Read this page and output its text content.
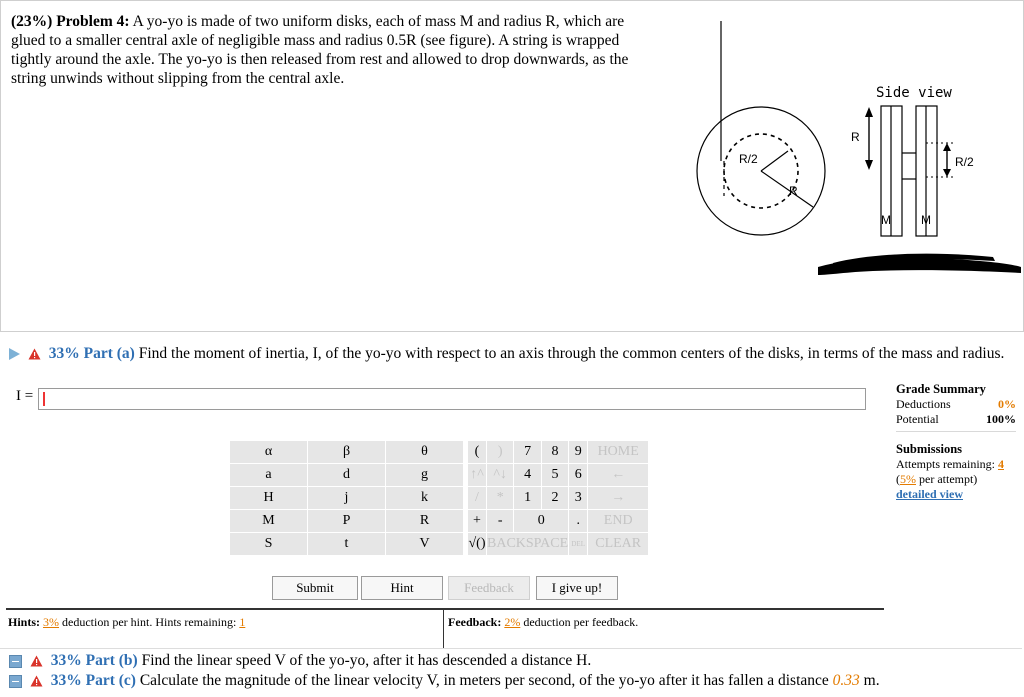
(23%) Problem 4: A yo-yo is made of two uniform disks, each of mass M and radius R, which are glued to a smaller central axle of negligible mass and radius 0.5R (see figure). A string is wrapped tightly around the axle. The yo-yo is then released from rest and allowed to drop downwards, as the string unwinds without slipping from the central axle.
R/2
R
Side view
R
R/2
M	M
33% Part (a) Find the moment of inertia, I, of the yo-yo with respect to an axis through the common centers of the disks, in terms of the mass and radius.
I =
α	β	θ
a	d	g
H	j	k
M	P	R
S	t	V
(	)	7	8	9	HOME
↑^	^↓	4	5	6	←
/	*	1	2	3	→
+	-	0		.	END
√()	BACKSPACE			DEL	CLEAR
Submit	Hint	Feedback	I give up!
Hints: 3% deduction per hint. Hints remaining: 1	Feedback: 2% deduction per feedback.
Grade Summary
Deductions	0%
Potential	100%
Submissions
Attempts remaining: 4
(5% per attempt)
detailed view
33% Part (b) Find the linear speed V of the yo-yo, after it has descended a distance H.
33% Part (c) Calculate the magnitude of the linear velocity V, in meters per second, of the yo-yo after it has fallen a distance 0.33 m.
